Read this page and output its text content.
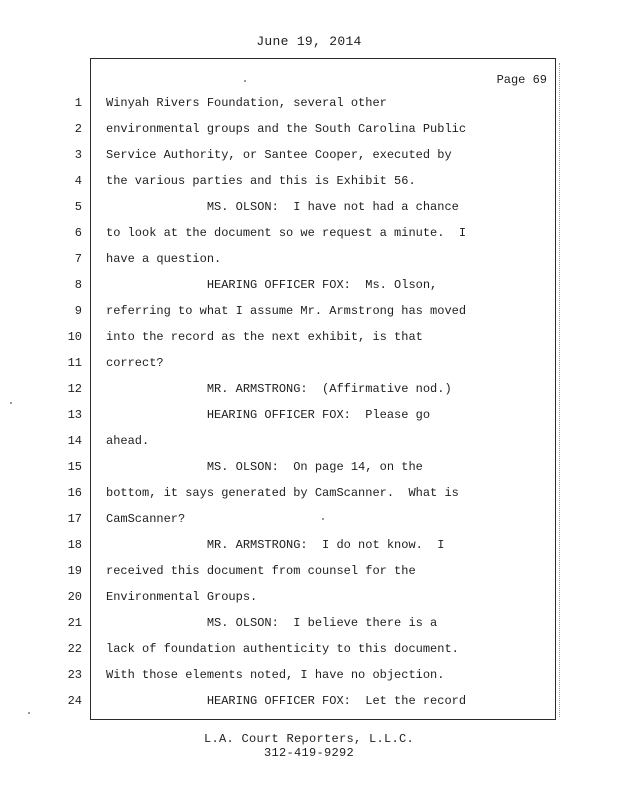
June 19, 2014
Page 69
1 Winyah Rivers Foundation, several other
2 environmental groups and the South Carolina Public
3 Service Authority, or Santee Cooper, executed by
4 the various parties and this is Exhibit 56.
5 MS. OLSON:  I have not had a chance
6 to look at the document so we request a minute.  I
7 have a question.
8 HEARING OFFICER FOX:  Ms. Olson,
9 referring to what I assume Mr. Armstrong has moved
10 into the record as the next exhibit, is that
11 correct?
12 MR. ARMSTRONG:  (Affirmative nod.)
13 HEARING OFFICER FOX:  Please go
14 ahead.
15 MS. OLSON:  On page 14, on the
16 bottom, it says generated by CamScanner.  What is
17 CamScanner?
18 MR. ARMSTRONG:  I do not know.  I
19 received this document from counsel for the
20 Environmental Groups.
21 MS. OLSON:  I believe there is a
22 lack of foundation authenticity to this document.
23 With those elements noted, I have no objection.
24 HEARING OFFICER FOX:  Let the record
L.A. Court Reporters, L.L.C.
312-419-9292
